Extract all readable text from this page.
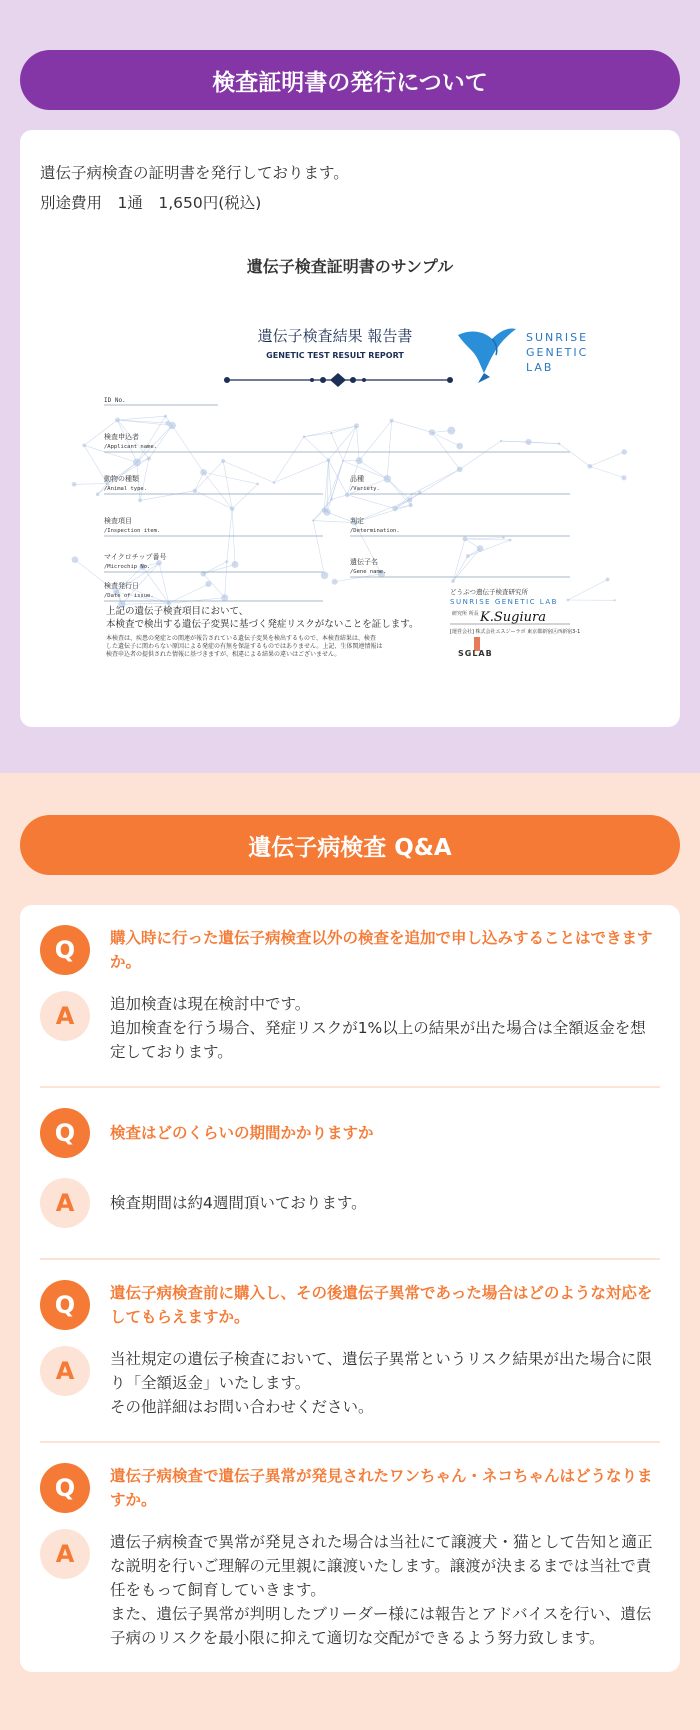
検査証明書の発行について

遺伝子病検査の証明書を発行しております。

別途費用　1通　1,650円(税込)

遺伝子検査証明書のサンプル

遺伝子検査結果 報告書
GENETIC TEST RESULT REPORT
SUNRISE
GENETIC
LAB
ID No.
検査申込者
/Applicant name.
動物の種類
/Animal type.
品種
/Variety.
検査項目
/Inspection item.
判定
/Determination.
マイクロチップ番号
/Microchip No.
遺伝子名
/Gene name.
検査発行日
/Date of issue.
上記の遺伝子検査項目において、
本検査で検出する遺伝子変異に基づく発症リスクがないことを証します。
本検査は、疾患の発症との関連が報告されている遺伝子変異を検出するもので、本検査結果は、検査
した遺伝子に関わらない原因による発症の有無を保証するものではありません。上記、生体関連情報は
検査申込者の提供された情報に基づきますが、相違による結果の違いはございません。
どうぶつ遺伝子検査研究所
SUNRISE GENETIC LAB
研究所 所長 K.Sugiura
[運営会社] 株式会社エスジーラボ 東京都新宿区西新宿3-1
SGLAB
遺伝子病検査 Q&A
Q	購入時に行った遺伝子病検査以外の検査を追加で申し込みすることはできますか。

A	追加検査は現在検討中です。

追加検査を行う場合、発症リスクが1%以上の結果が出た場合は全額返金を想定しております。

Q	検査はどのくらいの期間かかりますか

A	検査期間は約4週間頂いております。

Q	遺伝子病検査前に購入し、その後遺伝子異常であった場合はどのような対応をしてもらえますか。

A	当社規定の遺伝子検査において、遺伝子異常というリスク結果が出た場合に限り「全額返金」いたします。

その他詳細はお問い合わせください。

Q	遺伝子病検査で遺伝子異常が発見されたワンちゃん・ネコちゃんはどうなりますか。

A	遺伝子病検査で異常が発見された場合は当社にて譲渡犬・猫として告知と適正な説明を行いご理解の元里親に譲渡いたします。譲渡が決まるまでは当社で責任をもって飼育していきます。

また、遺伝子異常が判明したブリーダー様には報告とアドバイスを行い、遺伝子病のリスクを最小限に抑えて適切な交配ができるよう努力致します。
